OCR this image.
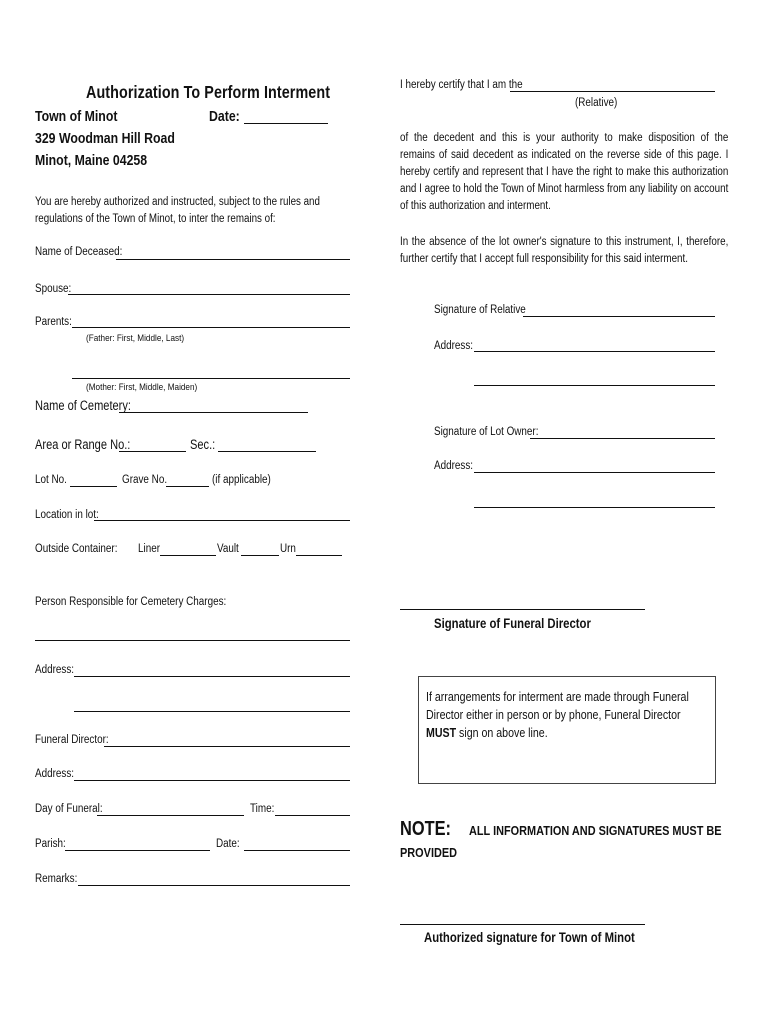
Authorization To Perform Interment
Town of Minot	Date:
329 Woodman Hill Road
Minot, Maine 04258
You are hereby authorized and instructed, subject to the rules and regulations of the Town of Minot, to inter the remains of:
Name of Deceased:
Spouse:
Parents:
(Father: First, Middle, Last)
(Mother: First, Middle, Maiden)
Name of Cemetery:
Area or Range No.:	Sec.:
Lot No.	Grave No.	(if applicable)
Location in lot:
Outside Container: Liner	Vault	Urn
Person Responsible for Cemetery Charges:
Address:
Funeral Director:
Address:
Day of Funeral:	Time:
Parish:	Date:
Remarks:
I hereby certify that I am the
(Relative)
of the decedent and this is your authority to make disposition of the remains of said decedent as indicated on the reverse side of this page. I hereby certify and represent that I have the right to make this authorization and I agree to hold the Town of Minot harmless from any liability on account of this authorization and interment.
In the absence of the lot owner's signature to this instrument, I, therefore, further certify that I accept full responsibility for this said interment.
Signature of Relative
Address:
Signature of Lot Owner:
Address:
Signature of Funeral Director
If arrangements for interment are made through Funeral Director either in person or by phone, Funeral Director MUST sign on above line.
NOTE: ALL INFORMATION AND SIGNATURES MUST BE
PROVIDED
Authorized signature for Town of Minot
